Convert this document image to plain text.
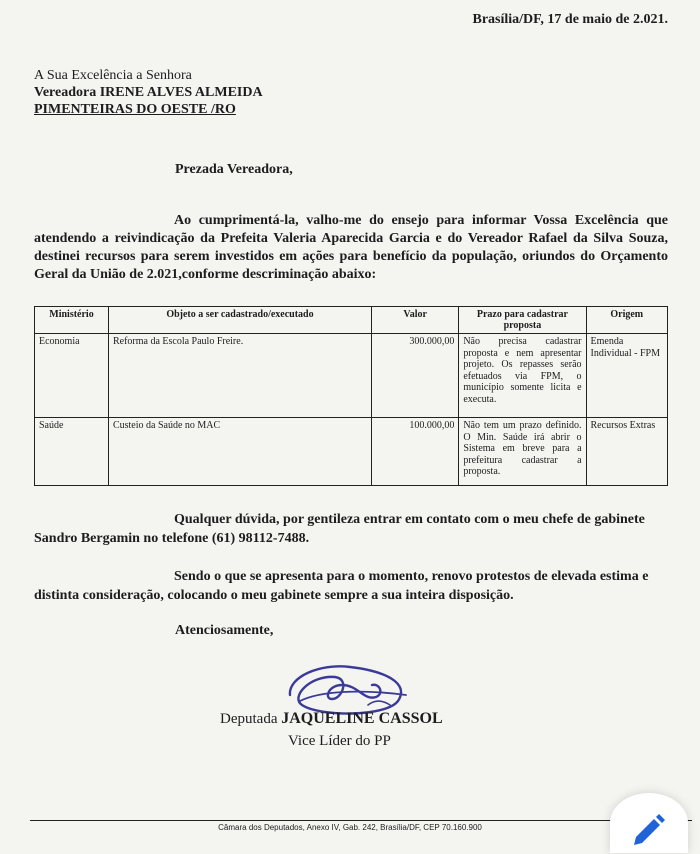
Brasília/DF, 17 de maio de 2.021.
A Sua Excelência a Senhora
Vereadora IRENE ALVES ALMEIDA
PIMENTEIRAS DO OESTE /RO
Prezada Vereadora,
Ao cumprimentá-la, valho-me do ensejo para informar Vossa Excelência que atendendo a reivindicação da Prefeita Valeria Aparecida Garcia e do Vereador Rafael da Silva Souza, destinei recursos para serem investidos em ações para benefício da população, oriundos do Orçamento Geral da União de 2.021,conforme descriminação abaixo:
Ministério	Objeto a ser cadastrado/executado	Valor	Prazo para cadastrar proposta	Origem
Economia	Reforma da Escola Paulo Freire.	300.000,00	Não precisa cadastrar proposta e nem apresentar projeto. Os repasses serão efetuados via FPM, o município somente licita e executa.	Emenda Individual - FPM
Saúde	Custeio da Saúde no MAC	100.000,00	Não tem um prazo definido. O Min. Saúde irá abrir o Sistema em breve para a prefeitura cadastrar a proposta.	Recursos Extras
Qualquer dúvida, por gentileza entrar em contato com o meu chefe de gabinete Sandro Bergamin no telefone (61) 98112-7488.
Sendo o que se apresenta para o momento, renovo protestos de elevada estima e distinta consideração, colocando o meu gabinete sempre a sua inteira disposição.
Atenciosamente,
Deputada JAQUELINE CASSOL
Vice Líder do PP
Câmara dos Deputados, Anexo IV, Gab. 242, Brasília/DF, CEP 70.160.900
